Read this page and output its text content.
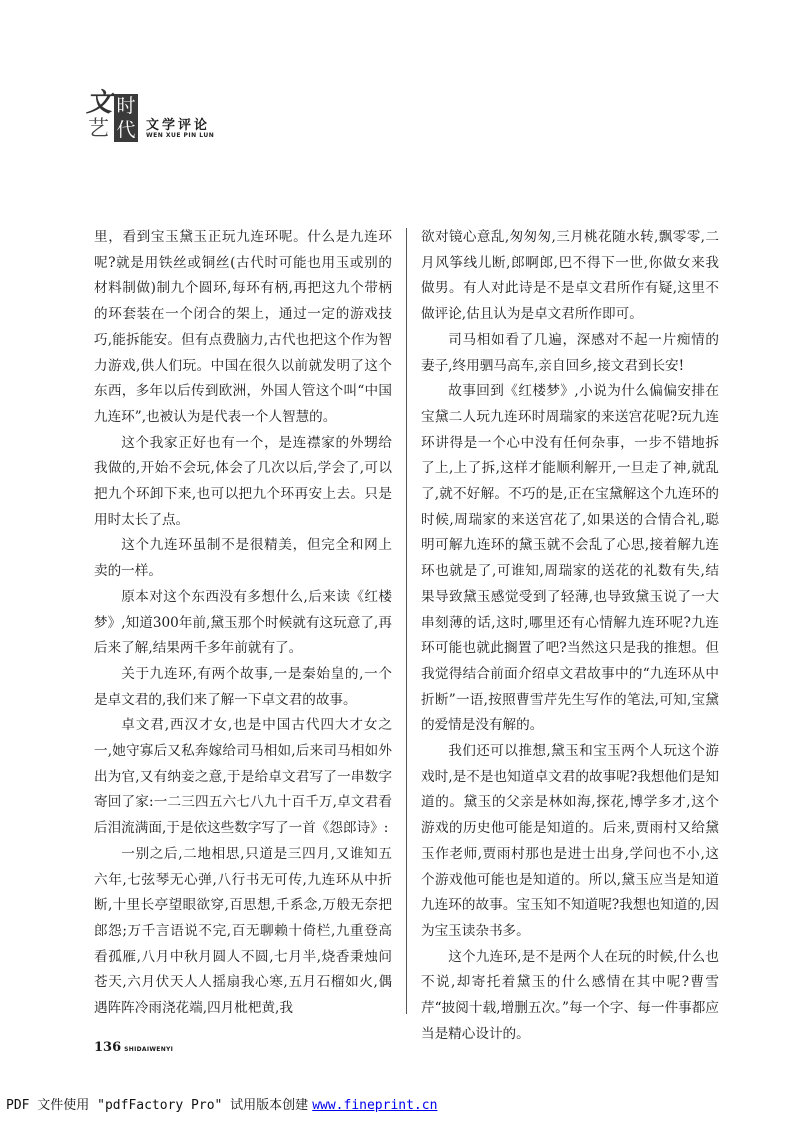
文 时
艺 代 文学评论
WEN XUE PIN LUN

里，看到宝玉黛玉正玩九连环呢。什么是九连环呢?就是用铁丝或铜丝(古代时可能也用玉或别的材料制做)制九个圆环,每环有柄,再把这九个带柄的环套装在一个闭合的架上，通过一定的游戏技巧,能拆能安。但有点费脑力,古代也把这个作为智力游戏,供人们玩。中国在很久以前就发明了这个东西，多年以后传到欧洲，外国人管这个叫“中国九连环”,也被认为是代表一个人智慧的。

这个我家正好也有一个，是连襟家的外甥给我做的,开始不会玩,体会了几次以后,学会了,可以把九个环卸下来,也可以把九个环再安上去。只是用时太长了点。

这个九连环虽制不是很精美，但完全和网上卖的一样。

原本对这个东西没有多想什么,后来读《红楼梦》,知道300年前,黛玉那个时候就有这玩意了,再后来了解,结果两千多年前就有了。

关于九连环,有两个故事,一是秦始皇的,一个是卓文君的,我们来了解一下卓文君的故事。

卓文君,西汉才女,也是中国古代四大才女之一,她守寡后又私奔嫁给司马相如,后来司马相如外出为官,又有纳妾之意,于是给卓文君写了一串数字寄回了家:一二三四五六七八九十百千万,卓文君看后泪流满面,于是依这些数字写了一首《怨郎诗》:

一别之后,二地相思,只道是三四月,又谁知五六年,七弦琴无心弹,八行书无可传,九连环从中折断,十里长亭望眼欲穿,百思想,千系念,万般无奈把郎怨;万千言语说不完,百无聊赖十倚栏,九重登高看孤雁,八月中秋月圆人不圆,七月半,烧香秉烛问苍天,六月伏天人人摇扇我心寒,五月石榴如火,偶遇阵阵冷雨浇花端,四月枇杷黄,我

欲对镜心意乱,匆匆匆,三月桃花随水转,飘零零,二月风筝线儿断,郎啊郎,巴不得下一世,你做女来我做男。有人对此诗是不是卓文君所作有疑,这里不做评论,估且认为是卓文君所作即可。

司马相如看了几遍，深感对不起一片痴情的妻子,终用驷马高车,亲自回乡,接文君到长安!

故事回到《红楼梦》,小说为什么偏偏安排在宝黛二人玩九连环时周瑞家的来送宫花呢?玩九连环讲得是一个心中没有任何杂事，一步不错地拆了上,上了拆,这样才能顺利解开,一旦走了神,就乱了,就不好解。不巧的是,正在宝黛解这个九连环的时候,周瑞家的来送宫花了,如果送的合情合礼,聪明可解九连环的黛玉就不会乱了心思,接着解九连环也就是了,可谁知,周瑞家的送花的礼数有失,结果导致黛玉感觉受到了轻薄,也导致黛玉说了一大串刻薄的话,这时,哪里还有心情解九连环呢?九连环可能也就此搁置了吧?当然这只是我的推想。但我觉得结合前面介绍卓文君故事中的“九连环从中折断”一语,按照曹雪芹先生写作的笔法,可知,宝黛的爱情是没有解的。

我们还可以推想,黛玉和宝玉两个人玩这个游戏时,是不是也知道卓文君的故事呢?我想他们是知道的。黛玉的父亲是林如海,探花,博学多才,这个游戏的历史他可能是知道的。后来,贾雨村又给黛玉作老师,贾雨村那也是进士出身,学问也不小,这个游戏他可能也是知道的。所以,黛玉应当是知道九连环的故事。宝玉知不知道呢?我想也知道的,因为宝玉读杂书多。

这个九连环,是不是两个人在玩的时候,什么也不说,却寄托着黛玉的什么感情在其中呢?曹雪芹“披阅十载,增删五次。”每一个字、每一件事都应当是精心设计的。

136 SHIDAIWENYI
PDF 文件使用 "pdfFactory Pro" 试用版本创建 www.fineprint.cn
